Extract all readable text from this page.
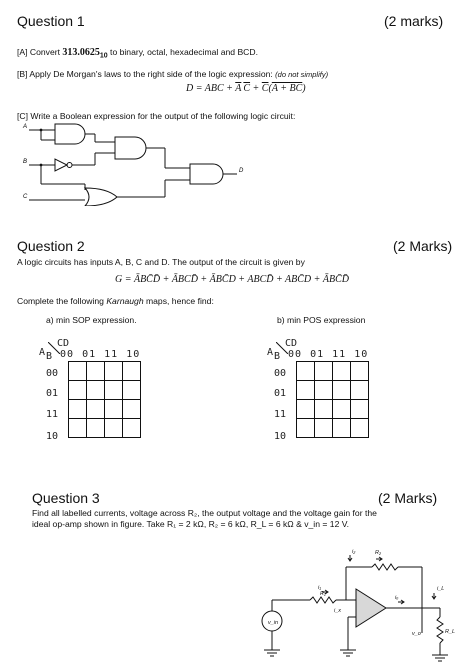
Question 1	(2 marks)
[A] Convert $313.0625_{10}$ to binary, octal, hexadecimal and BCD.
[B] Apply De Morgan's laws to the right side of the logic expression: (do not simplify)
D = ABC + $\overline{A}$  $\overline{C} + \overline{C}(A + BC)$
[C] Write a Boolean expression for the output of the following logic circuit:
A
B
C
D
Question 2	(2 Marks)
A logic circuits has inputs A, B, C and D. The output of the circuit is given by
G = ĀBC̄D̄ + ĀBCD̄ + ĀBC̄D + ABCD̄ + ABC̄D + ĀBC̄D̄
Complete the following Karnaugh maps, hence find:
a) min SOP expression.	b) min POS expression
CD
A B 00 01 11 10
00
01
11
10

CD
A B 00 01 11 10
00
01
11
10

Question 3	(2 Marks)
Find all labelled currents, voltage across R₂, the output voltage and the voltage gain for the
ideal op-amp shown in figure. Take R₁ = 2 kΩ, R₂ = 6 kΩ, R_L = 6 kΩ & v_in = 12 V.
v_in
i₁
R₁
R₂
i₂
iₒ
i_L
R_L
v_o
i_x
